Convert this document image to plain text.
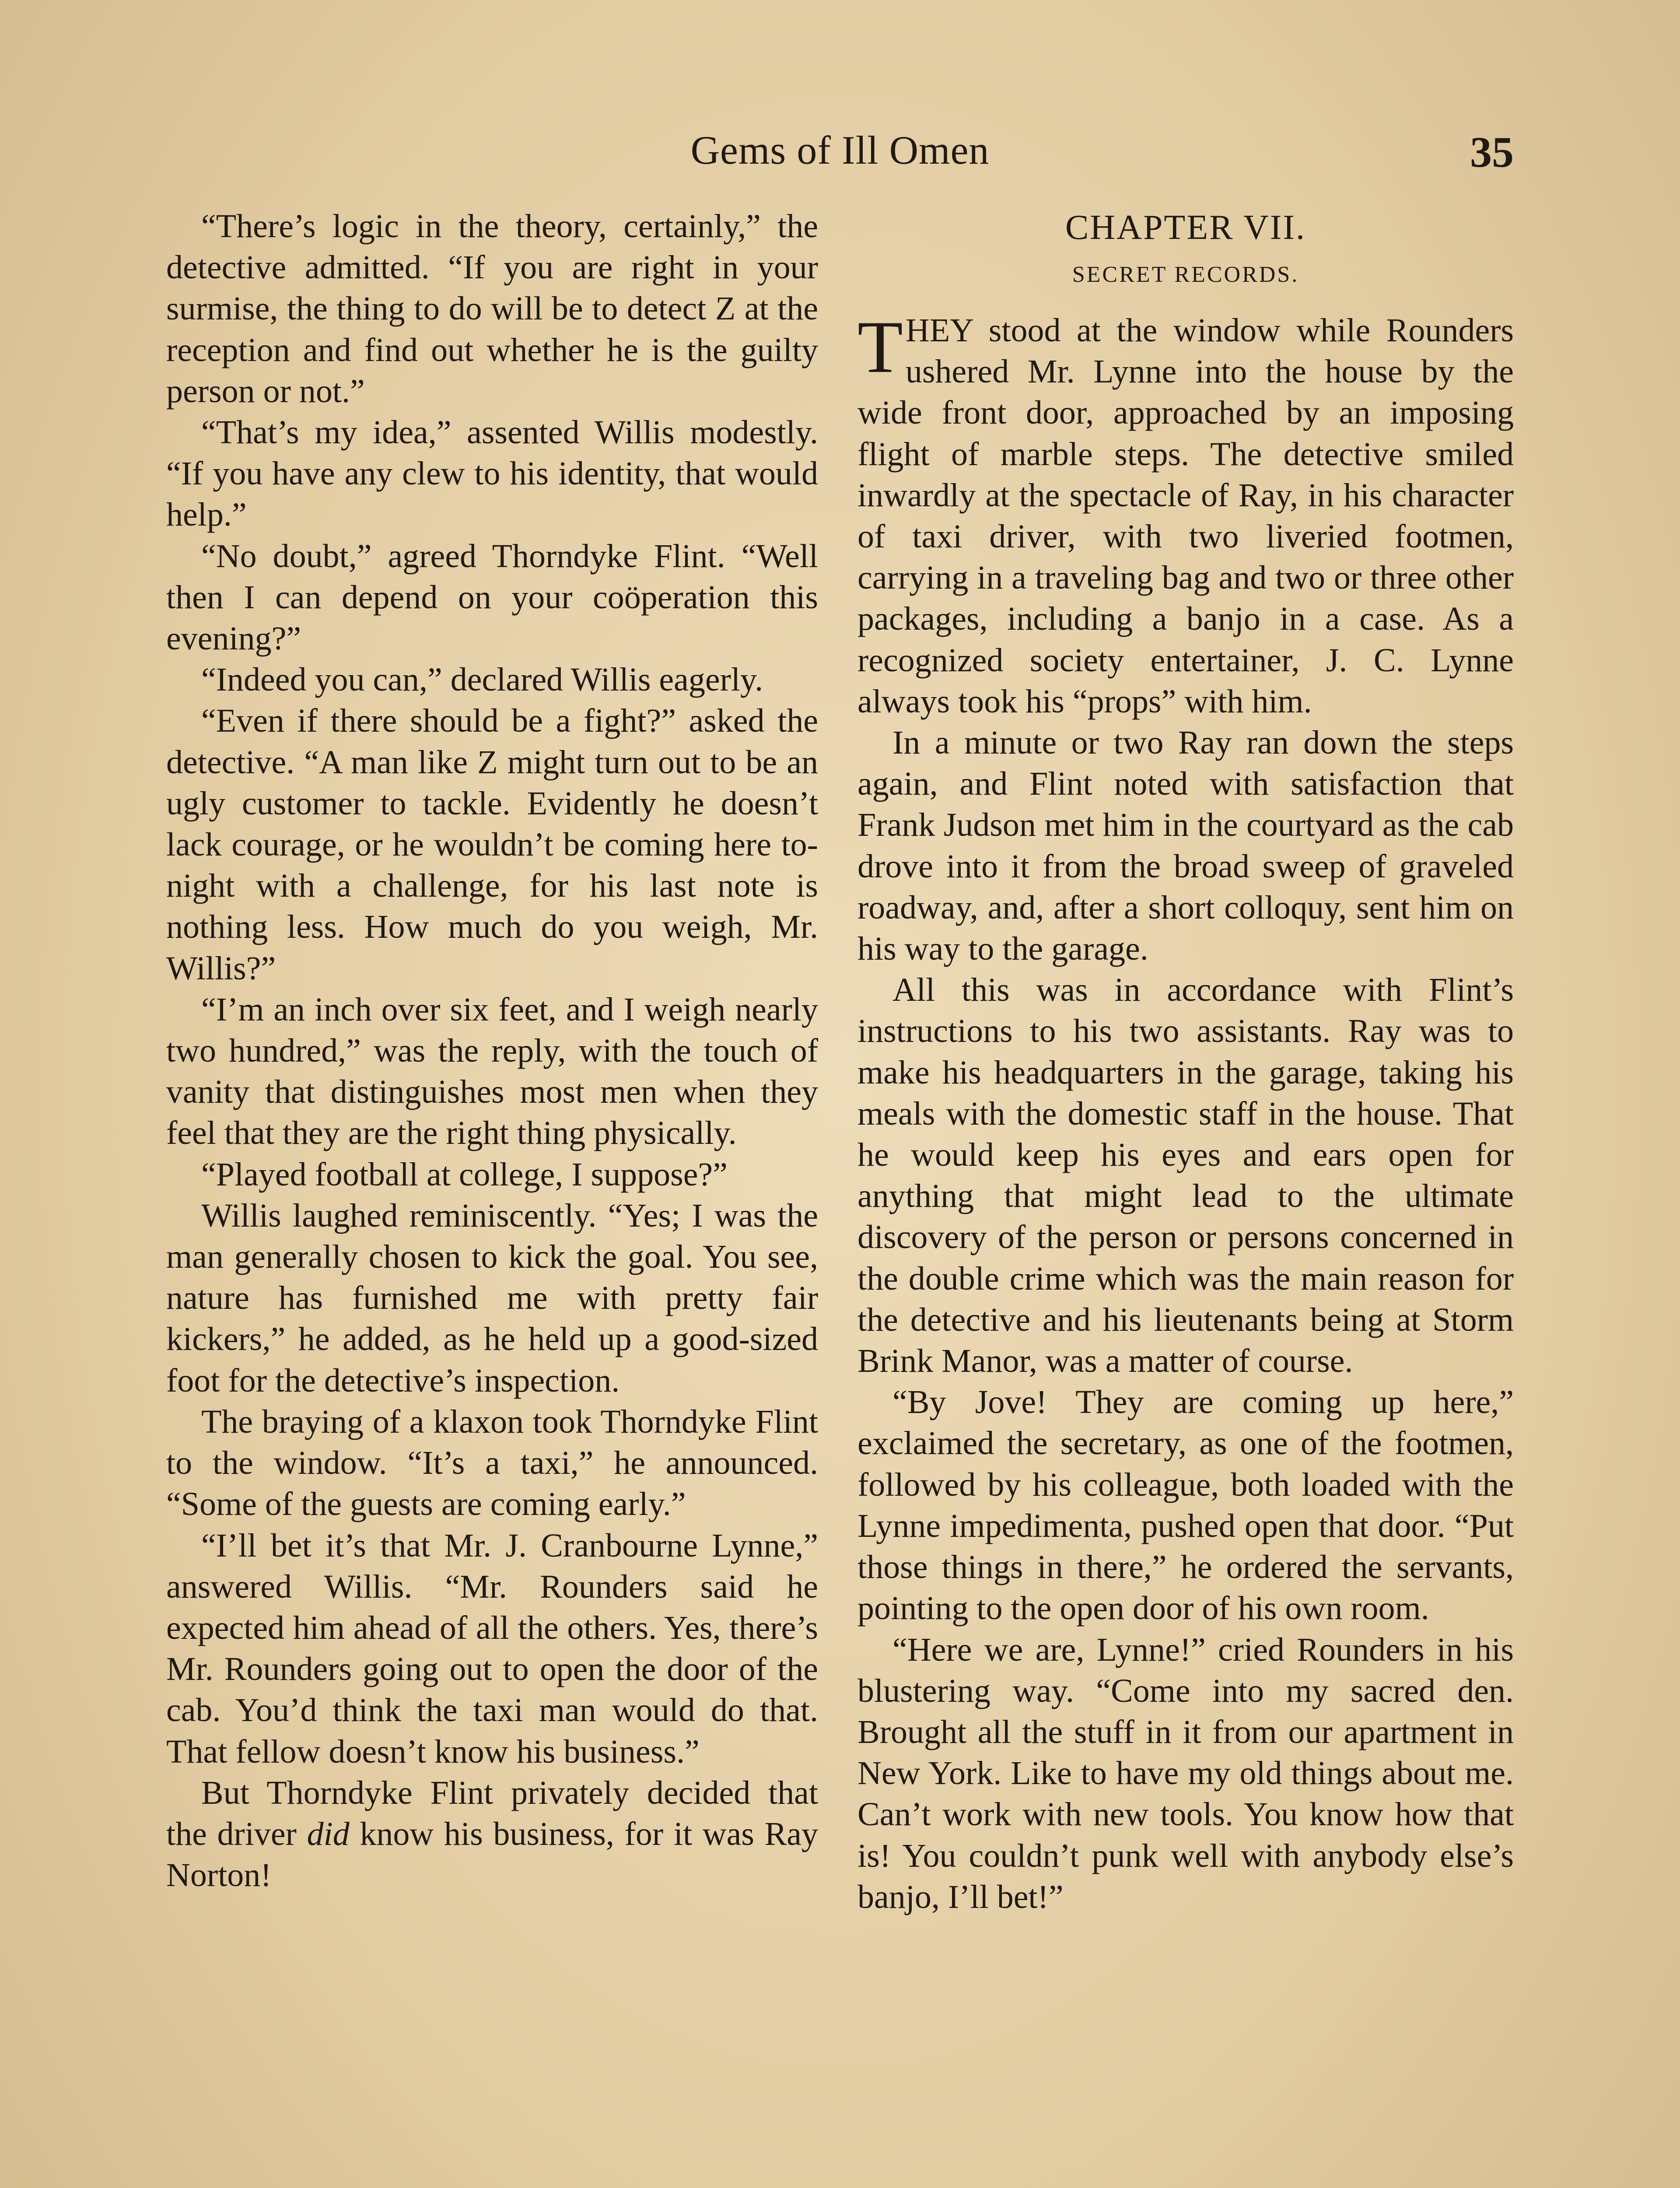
Gems of Ill Omen	35

“There’s logic in the theory, certainly,” the detective admitted. “If you are right in your surmise, the thing to do will be to detect Z at the reception and find out whether he is the guilty person or not.”

“That’s my idea,” assented Willis modestly. “If you have any clew to his identity, that would help.”

“No doubt,” agreed Thorndyke Flint. “Well then I can depend on your coöperation this evening?”

“Indeed you can,” declared Willis eagerly.

“Even if there should be a fight?” asked the detective. “A man like Z might turn out to be an ugly customer to tackle. Evidently he doesn’t lack courage, or he wouldn’t be coming here to-night with a challenge, for his last note is nothing less. How much do you weigh, Mr. Willis?”

“I’m an inch over six feet, and I weigh nearly two hundred,” was the reply, with the touch of vanity that distinguishes most men when they feel that they are the right thing physically.

“Played football at college, I suppose?”

Willis laughed reminiscently. “Yes; I was the man generally chosen to kick the goal. You see, nature has furnished me with pretty fair kickers,” he added, as he held up a good-sized foot for the detective’s inspection.

The braying of a klaxon took Thorndyke Flint to the window. “It’s a taxi,” he announced. “Some of the guests are coming early.”

“I’ll bet it’s that Mr. J. Cranbourne Lynne,” answered Willis. “Mr. Rounders said he expected him ahead of all the others. Yes, there’s Mr. Rounders going out to open the door of the cab. You’d think the taxi man would do that. That fellow doesn’t know his business.”

But Thorndyke Flint privately decided that the driver did know his business, for it was Ray Norton!

CHAPTER VII.
SECRET RECORDS.

THEY stood at the window while Rounders ushered Mr. Lynne into the house by the wide front door, approached by an imposing flight of marble steps. The detective smiled inwardly at the spectacle of Ray, in his character of taxi driver, with two liveried footmen, carrying in a traveling bag and two or three other packages, including a banjo in a case. As a recognized society entertainer, J. C. Lynne always took his “props” with him.

In a minute or two Ray ran down the steps again, and Flint noted with satisfaction that Frank Judson met him in the courtyard as the cab drove into it from the broad sweep of graveled roadway, and, after a short colloquy, sent him on his way to the garage.

All this was in accordance with Flint’s instructions to his two assistants. Ray was to make his headquarters in the garage, taking his meals with the domestic staff in the house. That he would keep his eyes and ears open for anything that might lead to the ultimate discovery of the person or persons concerned in the double crime which was the main reason for the detective and his lieutenants being at Storm Brink Manor, was a matter of course.

“By Jove! They are coming up here,” exclaimed the secretary, as one of the footmen, followed by his colleague, both loaded with the Lynne impedimenta, pushed open that door. “Put those things in there,” he ordered the servants, pointing to the open door of his own room.

“Here we are, Lynne!” cried Rounders in his blustering way. “Come into my sacred den. Brought all the stuff in it from our apartment in New York. Like to have my old things about me. Can’t work with new tools. You know how that is! You couldn’t punk well with anybody else’s banjo, I’ll bet!”
